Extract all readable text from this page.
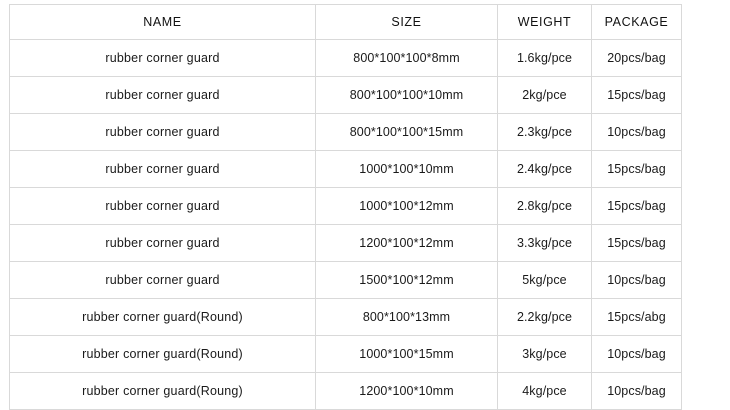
NAME	SIZE	WEIGHT	PACKAGE
rubber corner guard	800*100*100*8mm	1.6kg/pce	20pcs/bag
rubber corner guard	800*100*100*10mm	2kg/pce	15pcs/bag
rubber corner guard	800*100*100*15mm	2.3kg/pce	10pcs/bag
rubber corner guard	1000*100*10mm	2.4kg/pce	15pcs/bag
rubber corner guard	1000*100*12mm	2.8kg/pce	15pcs/bag
rubber corner guard	1200*100*12mm	3.3kg/pce	15pcs/bag
rubber corner guard	1500*100*12mm	5kg/pce	10pcs/bag
rubber corner guard(Round)	800*100*13mm	2.2kg/pce	15pcs/abg
rubber corner guard(Round)	1000*100*15mm	3kg/pce	10pcs/bag
rubber corner guard(Roung)	1200*100*10mm	4kg/pce	10pcs/bag
